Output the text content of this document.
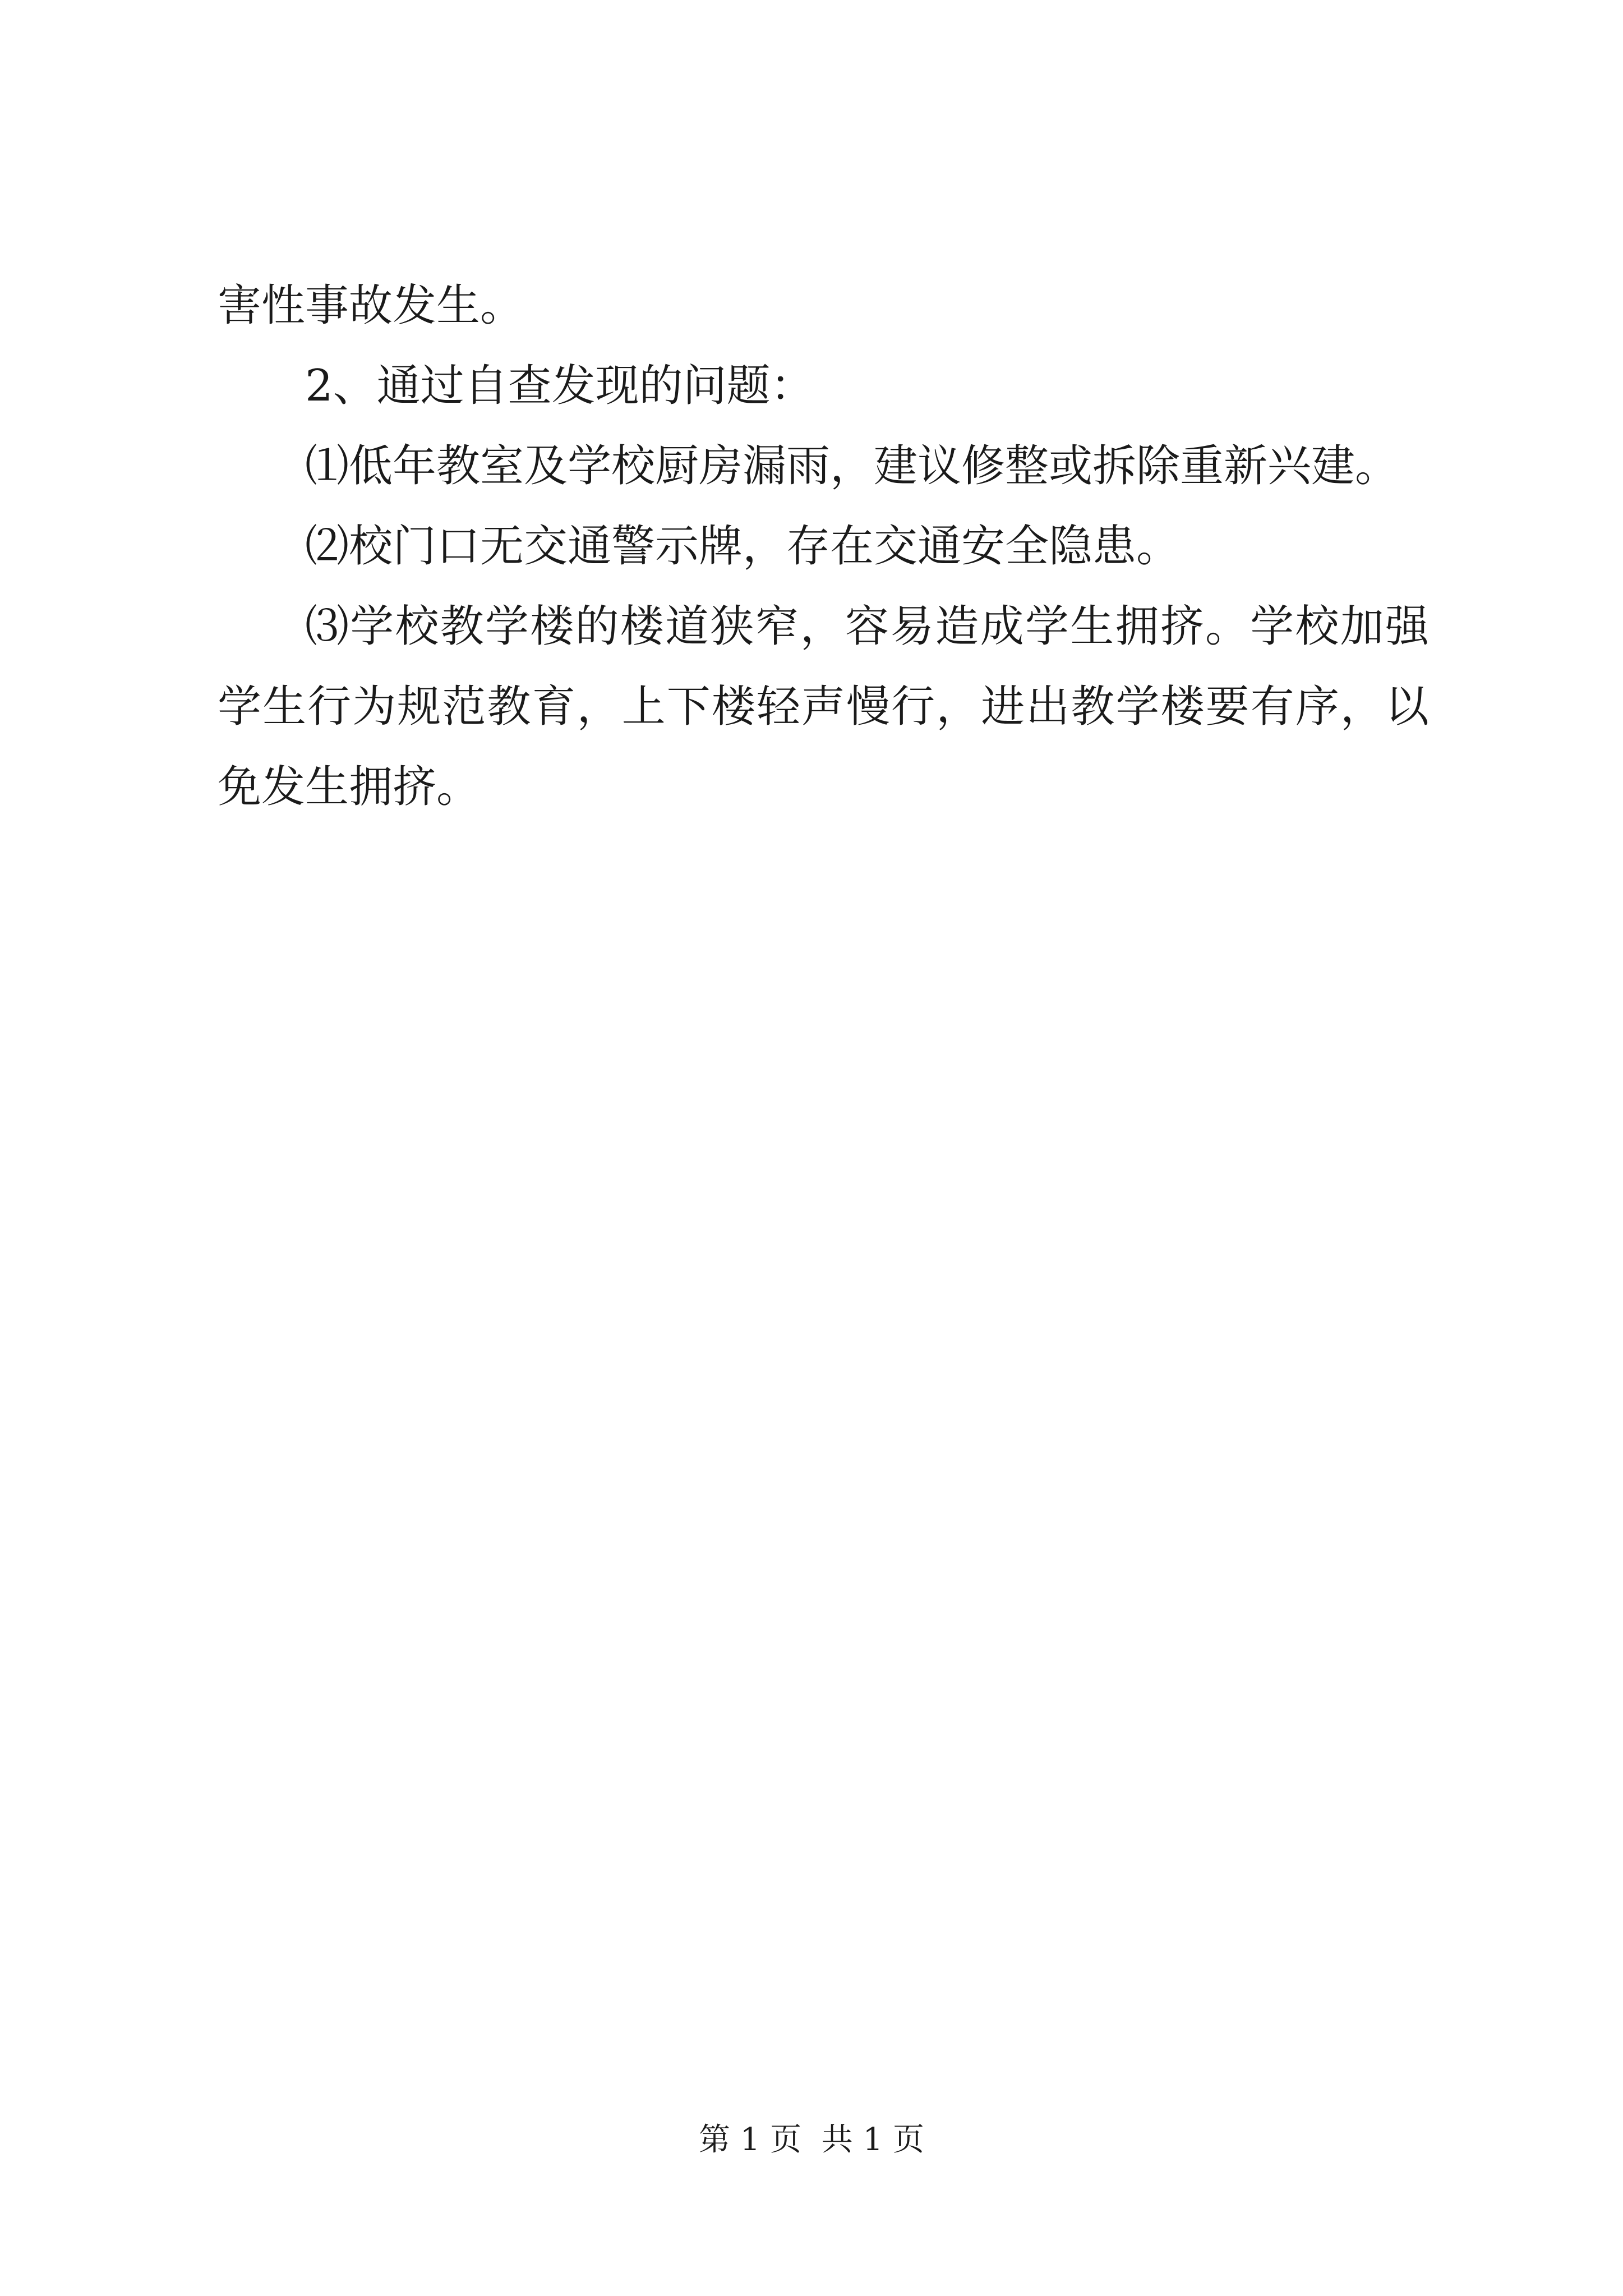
害性事故发生。

2、通过自查发现的问题：

⑴低年教室及学校厨房漏雨，建议修整或拆除重新兴建。

⑵校门口无交通警示牌，存在交通安全隐患。

⑶学校教学楼的楼道狭窄，容易造成学生拥挤。学校加强学生行为规范教育，上下楼轻声慢行，进出教学楼要有序，以免发生拥挤。

第 1 页 共 1 页
